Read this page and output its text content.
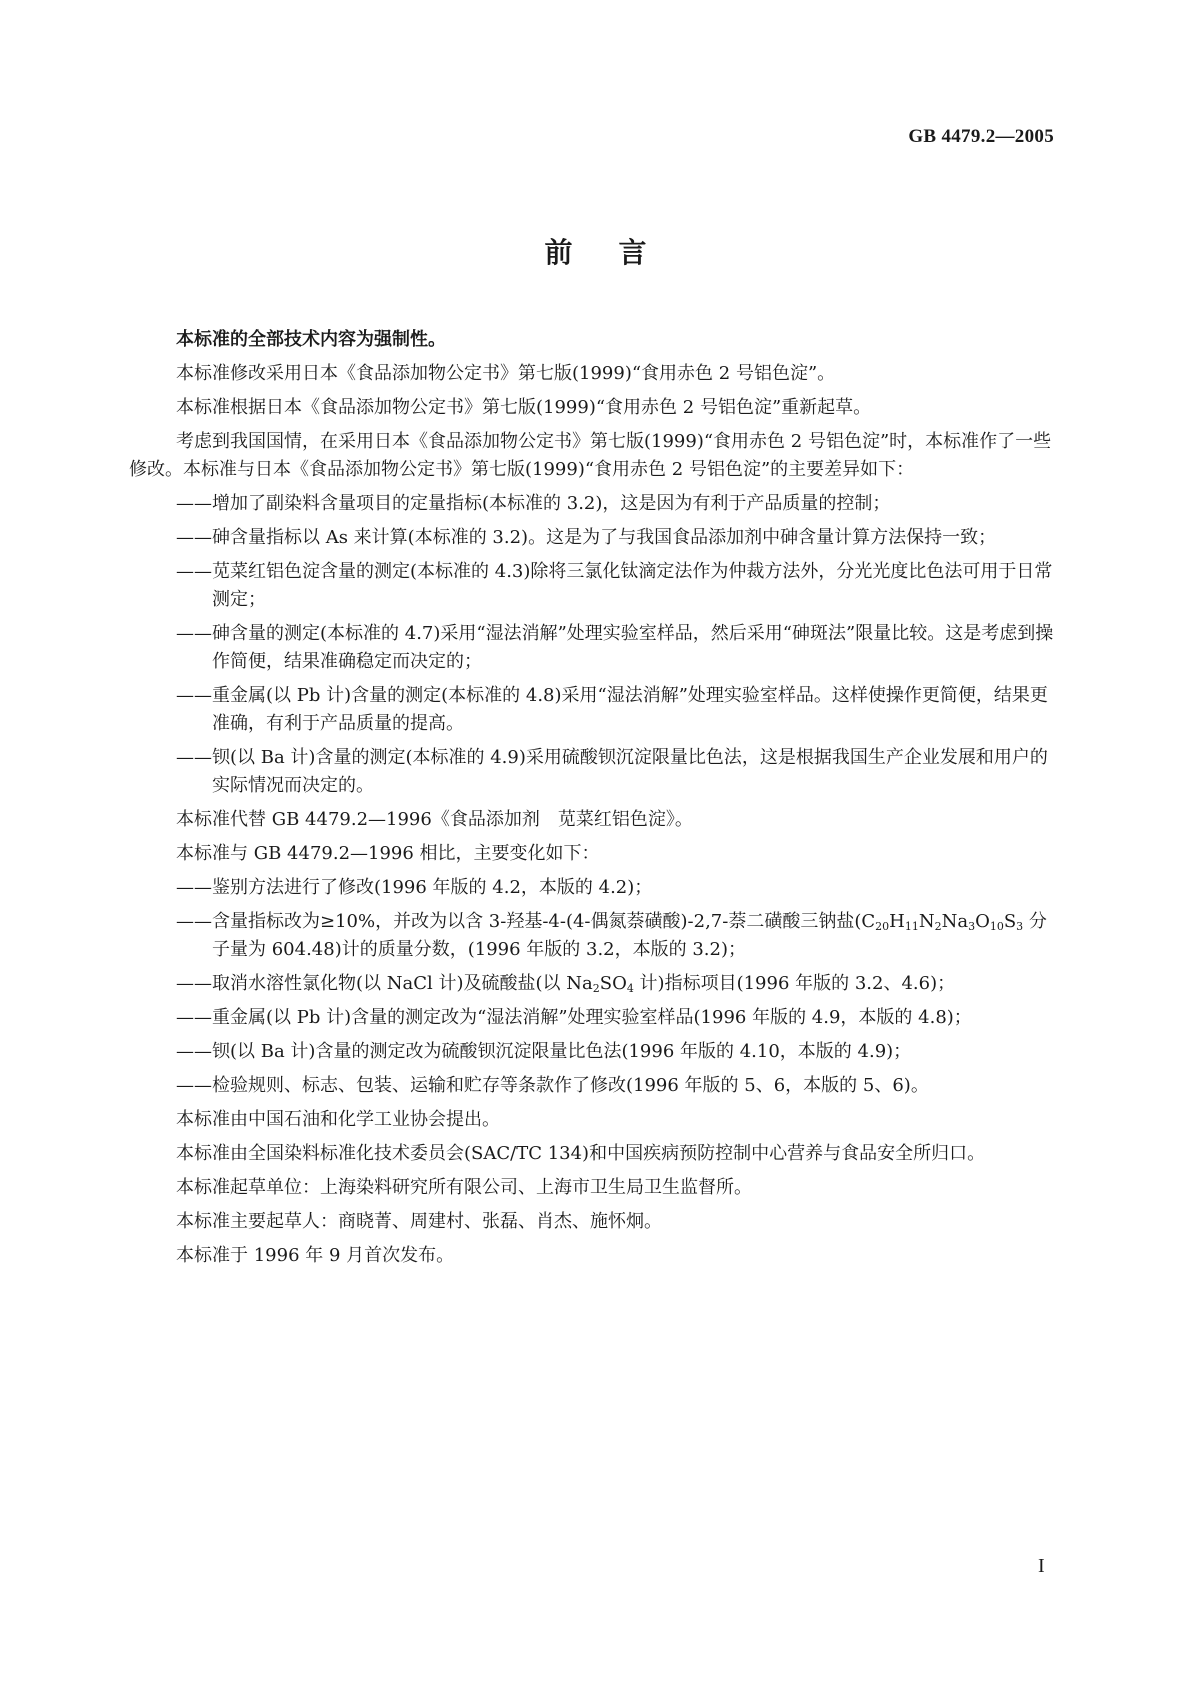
GB 4479.2—2005
前言

本标准的全部技术内容为强制性。

本标准修改采用日本《食品添加物公定书》第七版(1999)“食用赤色 2 号铝色淀”。

本标准根据日本《食品添加物公定书》第七版(1999)“食用赤色 2 号铝色淀”重新起草。

考虑到我国国情，在采用日本《食品添加物公定书》第七版(1999)“食用赤色 2 号铝色淀”时，本标准作了一些修改。本标准与日本《食品添加物公定书》第七版(1999)“食用赤色 2 号铝色淀”的主要差异如下：

——增加了副染料含量项目的定量指标(本标准的 3.2)，这是因为有利于产品质量的控制；

——砷含量指标以 As 来计算(本标准的 3.2)。这是为了与我国食品添加剂中砷含量计算方法保持一致；

——苋菜红铝色淀含量的测定(本标准的 4.3)除将三氯化钛滴定法作为仲裁方法外，分光光度比色法可用于日常测定；

——砷含量的测定(本标准的 4.7)采用“湿法消解”处理实验室样品，然后采用“砷斑法”限量比较。这是考虑到操作简便，结果准确稳定而决定的；

——重金属(以 Pb 计)含量的测定(本标准的 4.8)采用“湿法消解”处理实验室样品。这样使操作更简便，结果更准确，有利于产品质量的提高。

——钡(以 Ba 计)含量的测定(本标准的 4.9)采用硫酸钡沉淀限量比色法，这是根据我国生产企业发展和用户的实际情况而决定的。

本标准代替 GB 4479.2—1996《食品添加剂　苋菜红铝色淀》。

本标准与 GB 4479.2—1996 相比，主要变化如下：

——鉴别方法进行了修改(1996 年版的 4.2，本版的 4.2)；

——含量指标改为≥10%，并改为以含 3-羟基-4-(4-偶氮萘磺酸)-2,7-萘二磺酸三钠盐($C_{20}H_{11}N_2Na_3O_{10}S_3$ 分子量为 604.48)计的质量分数，(1996 年版的 3.2，本版的 3.2)；

——取消水溶性氯化物(以 NaCl 计)及硫酸盐(以 $Na_2SO_4$ 计)指标项目(1996 年版的 3.2、4.6)；

——重金属(以 Pb 计)含量的测定改为“湿法消解”处理实验室样品(1996 年版的 4.9，本版的 4.8)；

——钡(以 Ba 计)含量的测定改为硫酸钡沉淀限量比色法(1996 年版的 4.10，本版的 4.9)；

——检验规则、标志、包装、运输和贮存等条款作了修改(1996 年版的 5、6，本版的 5、6)。

本标准由中国石油和化学工业协会提出。

本标准由全国染料标准化技术委员会(SAC/TC 134)和中国疾病预防控制中心营养与食品安全所归口。

本标准起草单位：上海染料研究所有限公司、上海市卫生局卫生监督所。

本标准主要起草人：商晓菁、周建村、张磊、肖杰、施怀炯。

本标准于 1996 年 9 月首次发布。

I
